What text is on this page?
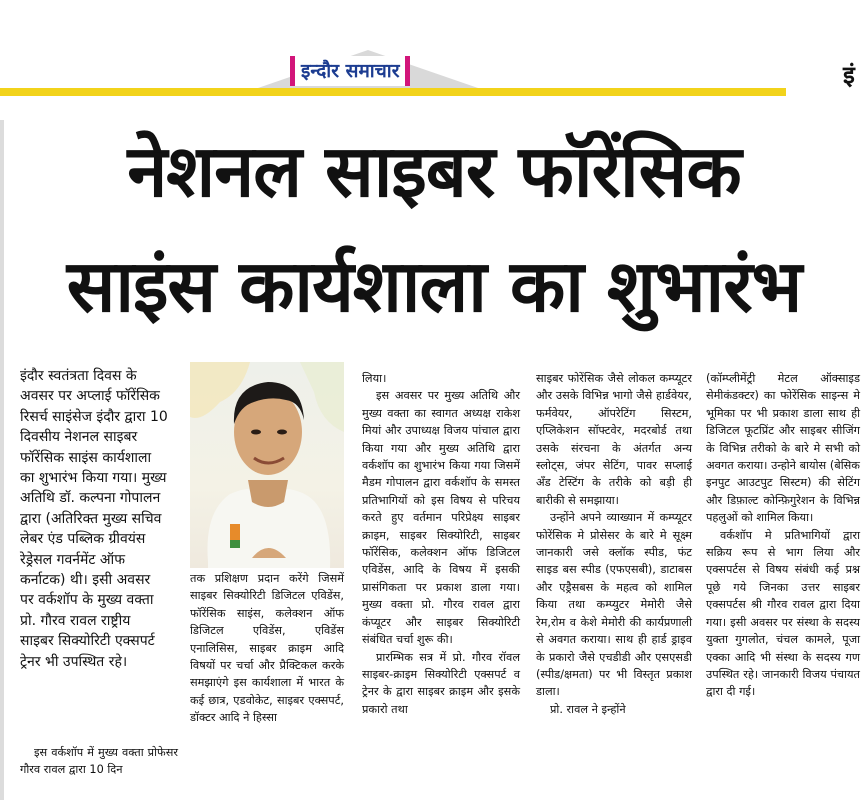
इन्दौर समाचार	इं
नेशनल साइबर फॉरेंसिक
साइंस कार्यशाला का शुभारंभ
इंदौर स्वतंत्रता दिवस के अवसर पर अप्लाई फॉरेंसिक रिसर्च साइंसेज इंदौर द्वारा 10 दिवसीय नेशनल साइबर फॉरेंसिक साइंस कार्यशाला का शुभारंभ किया गया। मुख्य अतिथि डॉ. कल्पना गोपालन द्वारा (अतिरिक्त मुख्य सचिव लेबर एंड पब्लिक ग्रीवयंस रेड्रेसल गवर्नमेंट ऑफ कर्नाटक) थी। इसी अवसर पर वर्कशॉप के मुख्य वक्ता प्रो. गौरव रावल राष्ट्रीय साइबर सिक्योरिटी एक्सपर्ट ट्रेनर भी उपस्थित रहे।

इस वर्कशॉप में मुख्य वक्ता प्रोफेसर गौरव रावल द्वारा 10 दिन

तक प्रशिक्षण प्रदान करेंगे जिसमें साइबर सिक्योरिटी डिजिटल एविडेंस, फॉरेंसिक साइंस, कलेक्शन ऑफ डिजिटल एविडेंस, एविडेंस एनालिसिस, साइबर क्राइम आदि विषयों पर चर्चा और प्रैक्टिकल करके समझाएंगे इस कार्यशाला में भारत के कई छात्र, एडवोकेट, साइबर एक्सपर्ट, डॉक्टर आदि ने हिस्सा

लिया।

इस अवसर पर मुख्य अतिथि और मुख्य वक्ता का स्वागत अध्यक्ष राकेश मियां और उपाध्यक्ष विजय पांचाल द्वारा किया गया और मुख्य अतिथि द्वारा वर्कशॉप का शुभारंभ किया गया जिसमें मैडम गोपालन द्वारा वर्कशॉप के समस्त प्रतिभागियों को इस विषय से परिचय करते हुए वर्तमान परिप्रेक्ष्य साइबर क्राइम, साइबर सिक्योरिटी, साइबर फॉरेंसिक, कलेक्शन ऑफ डिजिटल एविडेंस, आदि के विषय में इसकी प्रासंगिकता पर प्रकाश डाला गया। मुख्य वक्ता प्रो. गौरव रावल द्वारा कंप्यूटर और साइबर सिक्योरिटी संबंधित चर्चा शुरू की।

प्रारम्भिक सत्र में प्रो. गौरव रॉवल साइबर-क्राइम सिक्योरिटी एक्सपर्ट व ट्रेनर के द्वारा साइबर क्राइम और इसके प्रकारो तथा

साइबर फोरेंसिक जैसे लोकल कम्प्यूटर और उसके विभिन्न भागो जैसे हार्डवेयर, फर्मवेयर, ऑपरेटिंग सिस्टम, एप्लिकेशन सॉफ्टवेर, मदरबोर्ड तथा उसके संरचना के अंतर्गत अन्य स्लोट्स, जंपर सेटिंग, पावर सप्लाई अँड टेस्टिंग के तरीके को बड़ी ही बारीकी से समझाया।

उन्होंने अपने व्याख्यान में कम्प्यूटर फोरेंसिक मे प्रोसेसर के बारे मे सूक्ष्म जानकारी जसे क्लॉक स्पीड, फंट साइड बस स्पीड (एफएसबी), डाटाबस और एड्रैसबस के महत्व को शामिल किया तथा कम्प्युटर मेमोरी जैसे रेम,रोम व केशे मेमोरी की कार्यप्रणाली से अवगत कराया। साथ ही हार्ड ड्राइव के प्रकारो जैसे एचडीडी और एसएसडी (स्पीड/क्षमता) पर भी विस्तृत प्रकाश डाला।

प्रो. रावल ने इन्होंने

(कॉम्प्लीमेंट्री मेटल ऑक्साइड सेमीकंडक्टर) का फोरेंसिक साइन्स मे भूमिका पर भी प्रकाश डाला साथ ही डिजिटल फूटप्रिंट और साइबर सीजिंग के विभिन्न तरीको के बारे मे सभी को अवगत कराया। उन्होने बायोस (बेसिक इनपुट आउटपुट सिस्टम) की सेटिंग और डिफ़ाल्ट कोन्फ़िगुरेशन के विभिन्न पहलुओं को शामिल किया।

वर्कशॉप मे प्रतिभागियों द्वारा सक्रिय रूप से भाग लिया और एक्सपर्टस से विषय संबंधी कई प्रश्न पूछे गये जिनका उत्तर साइबर एक्सपर्टस श्री गौरव रावल द्वारा दिया गया। इसी अवसर पर संस्था के सदस्य युक्ता गुगलोत, चंचल कामले, पूजा एक्का आदि भी संस्था के सदस्य गण उपस्थित रहे। जानकारी विजय पंचायत द्वारा दी गई।
